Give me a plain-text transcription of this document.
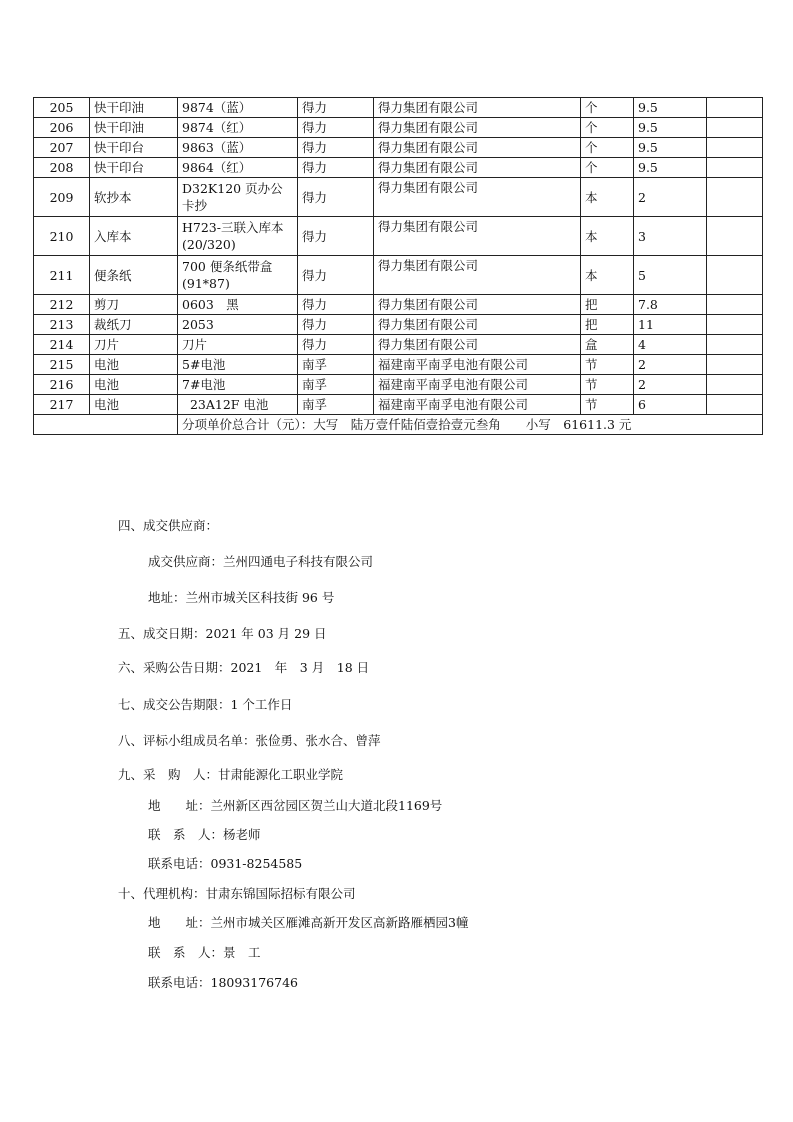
205	快干印油	9874（蓝）	得力	得力集团有限公司	个	9.5	
206	快干印油	9874（红）	得力	得力集团有限公司	个	9.5	
207	快干印台	9863（蓝）	得力	得力集团有限公司	个	9.5	
208	快干印台	9864（红）	得力	得力集团有限公司	个	9.5	
209	软抄本	D32K120 页办公卡抄	得力	得力集团有限公司	本	2	
210	入库本	H723-三联入库本(20/320)	得力	得力集团有限公司	本	3	
211	便条纸	700 便条纸带盒(91*87)	得力	得力集团有限公司	本	5	
212	剪刀	0603　黑	得力	得力集团有限公司	把	7.8	
213	裁纸刀	2053	得力	得力集团有限公司	把	11	
214	刀片	刀片	得力	得力集团有限公司	盒	4	
215	电池	5#电池	南孚	福建南平南孚电池有限公司	节	2	
216	电池	7#电池	南孚	福建南平南孚电池有限公司	节	2	
217	电池	23A12F 电池	南孚	福建南平南孚电池有限公司	节	6	
		分项单价总合计（元）：大写　陆万壹仟陆佰壹拾壹元叁角　　小写　61611.3 元					
四、成交供应商：
成交供应商：兰州四通电子科技有限公司
地址：兰州市城关区科技街 96 号
五、成交日期：2021 年 03 月 29 日
六、采购公告日期：2021　年　3 月　18 日
七、成交公告期限：1 个工作日
八、评标小组成员名单：张俭勇、张水合、曾萍
九、采　购　人：甘肃能源化工职业学院
地　　址：兰州新区西岔园区贺兰山大道北段1169号
联　系　人：杨老师
联系电话：0931-8254585
十、代理机构：甘肃东锦国际招标有限公司
地　　址：兰州市城关区雁滩高新开发区高新路雁栖园3幢
联　系　人：景　工
联系电话：18093176746
